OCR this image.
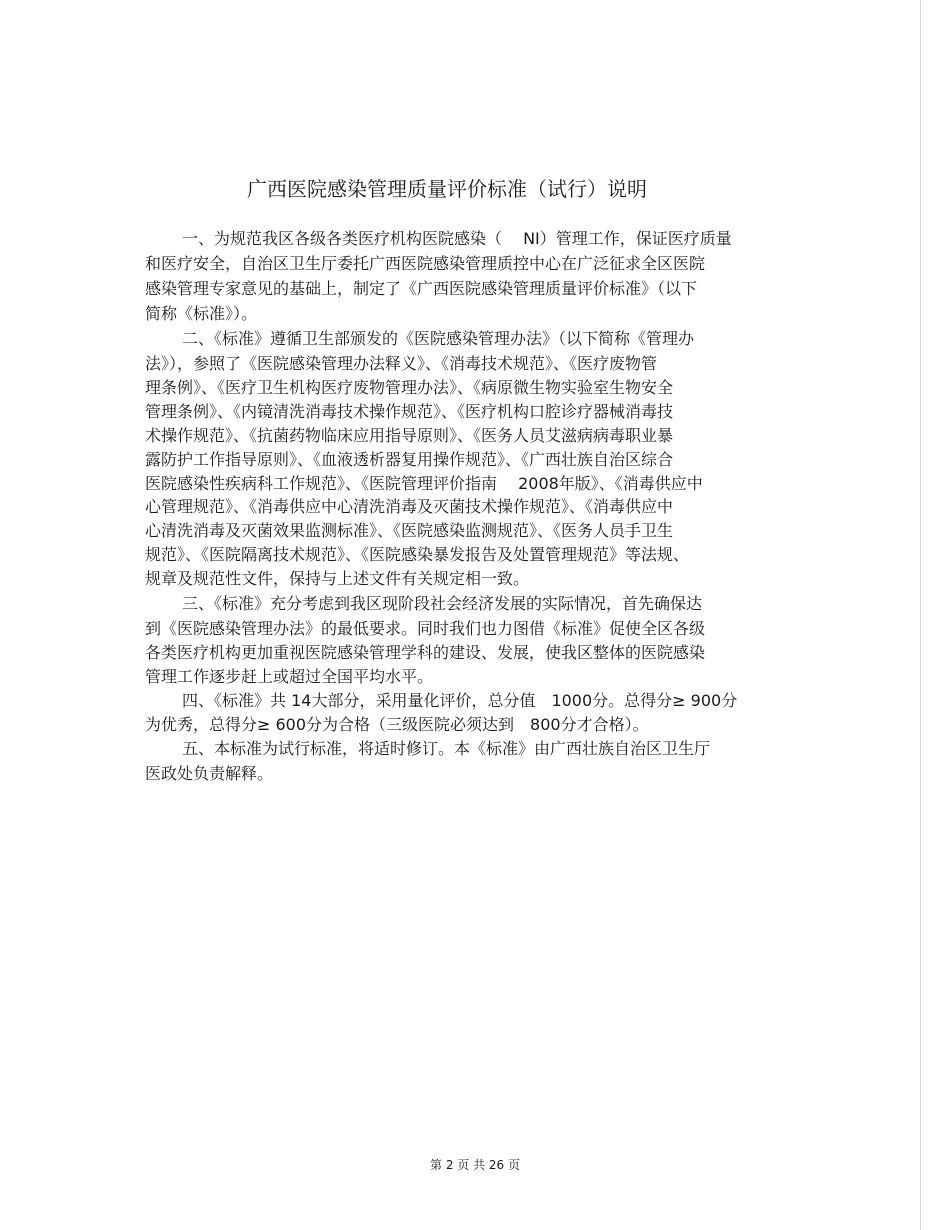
广西医院感染管理质量评价标准（试行）说明
一、为规范我区各级各类医疗机构医院感染（　 NI）管理工作，保证医疗质量
和医疗安全，自治区卫生厅委托广西医院感染管理质控中心在广泛征求全区医院
感染管理专家意见的基础上，制定了《广西医院感染管理质量评价标准》（以下
简称《标准》）。
二、《标准》遵循卫生部颁发的《医院感染管理办法》（以下简称《管理办
法》），参照了《医院感染管理办法释义》、《消毒技术规范》、《医疗废物管
理条例》、《医疗卫生机构医疗废物管理办法》、《病原微生物实验室生物安全
管理条例》、《内镜清洗消毒技术操作规范》、《医疗机构口腔诊疗器械消毒技
术操作规范》、《抗菌药物临床应用指导原则》、《医务人员艾滋病病毒职业暴
露防护工作指导原则》、《血液透析器复用操作规范》、《广西壮族自治区综合
医院感染性疾病科工作规范》、《医院管理评价指南　 2008年版》、《消毒供应中
心管理规范》、《消毒供应中心清洗消毒及灭菌技术操作规范》、《消毒供应中
心清洗消毒及灭菌效果监测标准》、《医院感染监测规范》、《医务人员手卫生
规范》、《医院隔离技术规范》、《医院感染暴发报告及处置管理规范》等法规、
规章及规范性文件，保持与上述文件有关规定相一致。
三、《标准》充分考虑到我区现阶段社会经济发展的实际情况，首先确保达
到《医院感染管理办法》的最低要求。同时我们也力图借《标准》促使全区各级
各类医疗机构更加重视医院感染管理学科的建设、发展，使我区整体的医院感染
管理工作逐步赶上或超过全国平均水平。
四、《标准》共 14大部分，采用量化评价，总分值　1000分。总得分≥ 900分
为优秀，总得分≥ 600分为合格（三级医院必须达到　800分才合格）。
五、本标准为试行标准，将适时修订。本《标准》由广西壮族自治区卫生厅
医政处负责解释。
第 2 页 共 26 页
